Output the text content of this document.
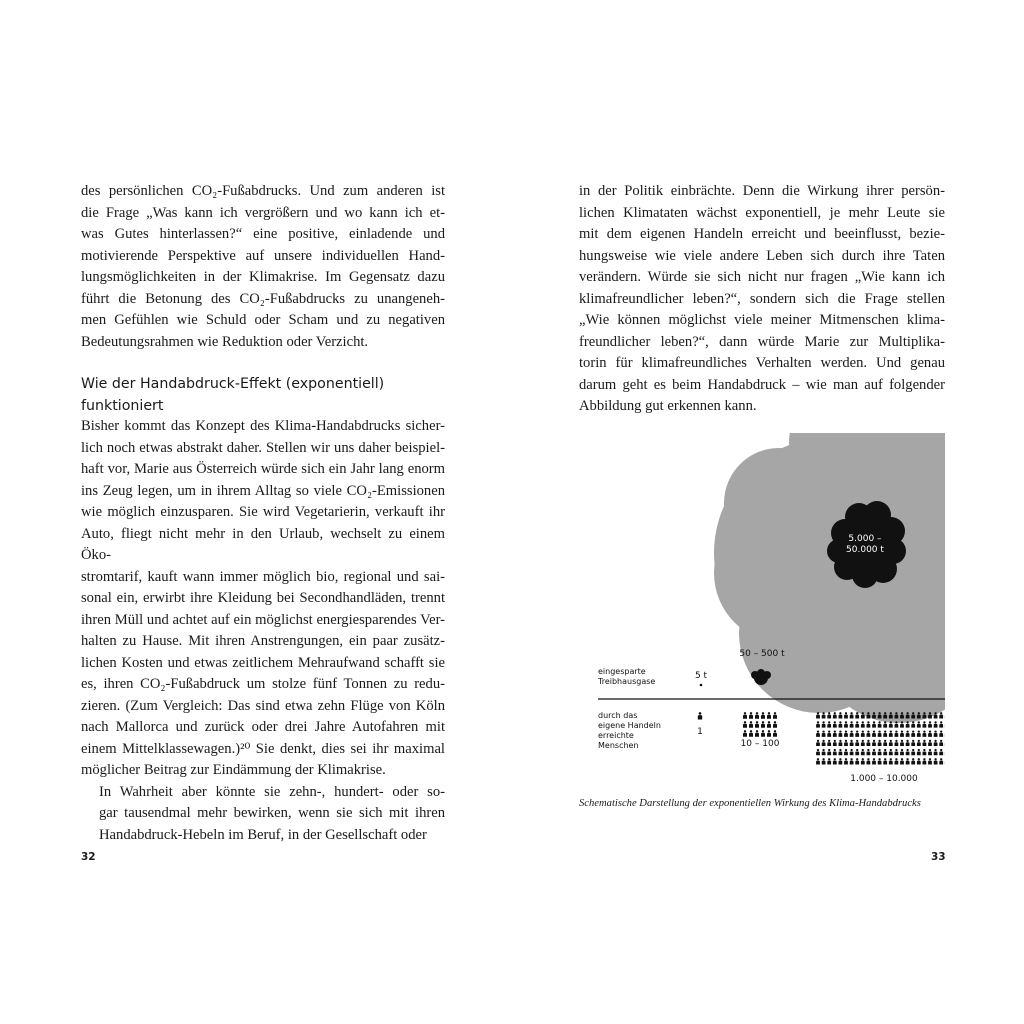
des persönlichen CO₂-Fußabdrucks. Und zum anderen ist
die Frage „Was kann ich vergrößern und wo kann ich et-
was Gutes hinterlassen?“ eine positive, einladende und
motivierende Perspektive auf unsere individuellen Hand-
lungsmöglichkeiten in der Klimakrise. Im Gegensatz dazu
führt die Betonung des CO₂-Fußabdrucks zu unangeneh-
men Gefühlen wie Schuld oder Scham und zu negativen
Bedeutungsrahmen wie Reduktion oder Verzicht.

Wie der Handabdruck-Effekt (exponentiell) funktioniert

Bisher kommt das Konzept des Klima-Handabdrucks sicher-
lich noch etwas abstrakt daher. Stellen wir uns daher beispiel-
haft vor, Marie aus Österreich würde sich ein Jahr lang enorm
ins Zeug legen, um in ihrem Alltag so viele CO₂-Emissionen
wie möglich einzusparen. Sie wird Vegetarierin, verkauft ihr
Auto, fliegt nicht mehr in den Urlaub, wechselt zu einem Öko-
stromtarif, kauft wann immer möglich bio, regional und sai-
sonal ein, erwirbt ihre Kleidung bei Secondhandläden, trennt
ihren Müll und achtet auf ein möglichst energiesparendes Ver-
halten zu Hause. Mit ihren Anstrengungen, ein paar zusätz-
lichen Kosten und etwas zeitlichem Mehraufwand schafft sie
es, ihren CO₂-Fußabdruck um stolze fünf Tonnen zu redu-
zieren. (Zum Vergleich: Das sind etwa zehn Flüge von Köln
nach Mallorca und zurück oder drei Jahre Autofahren mit
einem Mittelklassewagen.)²⁰ Sie denkt, dies sei ihr maximal
möglicher Beitrag zur Eindämmung der Klimakrise.

In Wahrheit aber könnte sie zehn-, hundert- oder so-
gar tausendmal mehr bewirken, wenn sie sich mit ihren
Handabdruck-Hebeln im Beruf, in der Gesellschaft oder

32

in der Politik einbrächte. Denn die Wirkung ihrer persön-
lichen Klimataten wächst exponentiell, je mehr Leute sie
mit dem eigenen Handeln erreicht und beeinflusst, bezie-
hungsweise wie viele andere Leben sich durch ihre Taten
verändern. Würde sie sich nicht nur fragen „Wie kann ich
klimafreundlicher leben?“, sondern sich die Frage stellen
„Wie können möglichst viele meiner Mitmenschen klima-
freundlicher leben?“, dann würde Marie zur Multiplika-
torin für klimafreundliches Verhalten werden. Und genau
darum geht es beim Handabdruck – wie man auf folgender
Abbildung gut erkennen kann.

5.000 –
50.000 t
50 – 500 t
eingesparte
Treibhausgase
5 t
durch das
eigene Handeln
erreichte
Menschen
1
10 – 100
1.000 – 10.000
Schematische Darstellung der exponentiellen Wirkung des Klima-Handabdrucks
33
